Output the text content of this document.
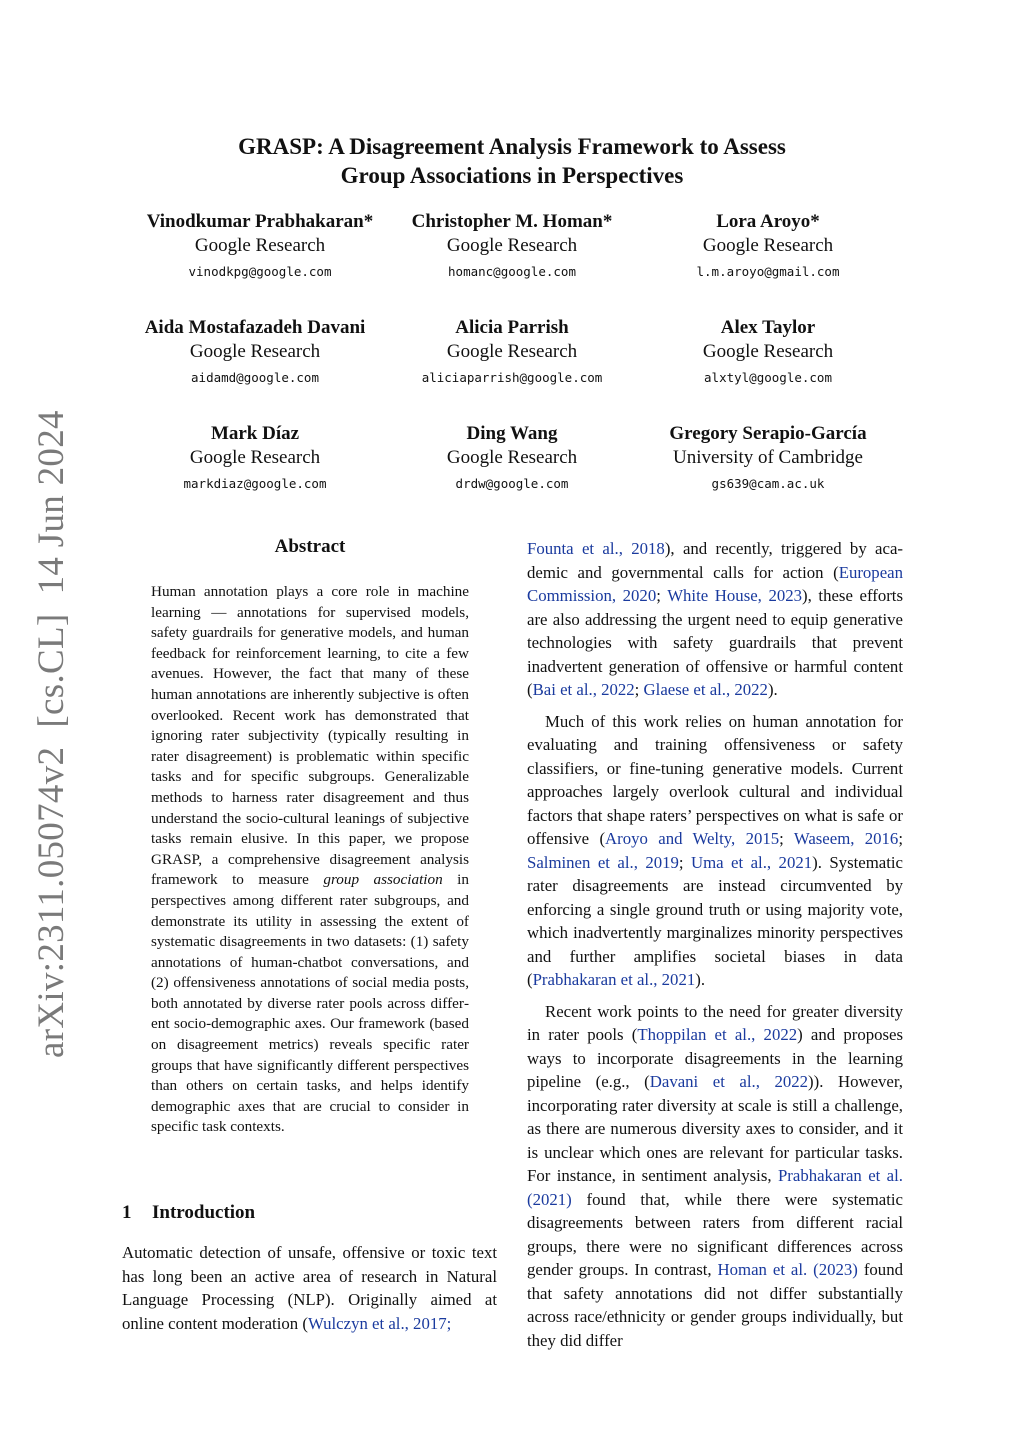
arXiv:2311.05074v2  [cs.CL]  14 Jun 2024
GRASP: A Disagreement Analysis Framework to Assess
Group Associations in Perspectives
Vinodkumar Prabhakaran*
Google Research
vinodkpg@google.com
Christopher M. Homan*
Google Research
homanc@google.com
Lora Aroyo*
Google Research
l.m.aroyo@gmail.com
Aida Mostafazadeh Davani
Google Research
aidamd@google.com
Alicia Parrish
Google Research
aliciaparrish@google.com
Alex Taylor
Google Research
alxtyl@google.com
Mark Díaz
Google Research
markdiaz@google.com
Ding Wang
Google Research
drdw@google.com
Gregory Serapio-García
University of Cambridge
gs639@cam.ac.uk
Abstract
Human annotation plays a core role in machine learning — annotations for supervised models, safety guardrails for generative models, and human feedback for reinforcement learning, to cite a few avenues. However, the fact that many of these human annotations are inherently subjective is often overlooked. Recent work has demonstrated that ignoring rater subjectivity (typically resulting in rater disagreement) is problematic within specific tasks and for specific subgroups. Generalizable methods to harness rater disagreement and thus understand the socio-cultural leanings of subjective tasks remain elusive. In this paper, we propose GRASP, a comprehensive disagreement analysis framework to measure group association in perspectives among different rater subgroups, and demonstrate its utility in assessing the extent of systematic disagreements in two datasets: (1) safety annotations of human-chatbot conversations, and (2) offensiveness annotations of social media posts, both annotated by diverse rater pools across different socio-demographic axes. Our framework (based on disagreement metrics) reveals specific rater groups that have significantly different perspectives than others on certain tasks, and helps identify demographic axes that are crucial to consider in specific task contexts.
1 Introduction
Automatic detection of unsafe, offensive or toxic text has long been an active area of research in Natural Language Processing (NLP). Originally aimed at online content moderation (Wulczyn et al., 2017;

Founta et al., 2018), and recently, triggered by academic and governmental calls for action (European Commission, 2020; White House, 2023), these efforts are also addressing the urgent need to equip generative technologies with safety guardrails that prevent inadvertent generation of offensive or harmful content (Bai et al., 2022; Glaese et al., 2022).

Much of this work relies on human annotation for evaluating and training offensiveness or safety classifiers, or fine-tuning generative models. Current approaches largely overlook cultural and individual factors that shape raters’ perspectives on what is safe or offensive (Aroyo and Welty, 2015; Waseem, 2016; Salminen et al., 2019; Uma et al., 2021). Systematic rater disagreements are instead circumvented by enforcing a single ground truth or using majority vote, which inadvertently marginalizes minority perspectives and further amplifies societal biases in data (Prabhakaran et al., 2021).

Recent work points to the need for greater diversity in rater pools (Thoppilan et al., 2022) and proposes ways to incorporate disagreements in the learning pipeline (e.g., (Davani et al., 2022)). However, incorporating rater diversity at scale is still a challenge, as there are numerous diversity axes to consider, and it is unclear which ones are relevant for particular tasks. For instance, in sentiment analysis, Prabhakaran et al. (2021) found that, while there were systematic disagreements between raters from different racial groups, there were no significant differences across gender groups. In contrast, Homan et al. (2023) found that safety annotations did not differ substantially across race/ethnicity or gender groups individually, but they did differ
